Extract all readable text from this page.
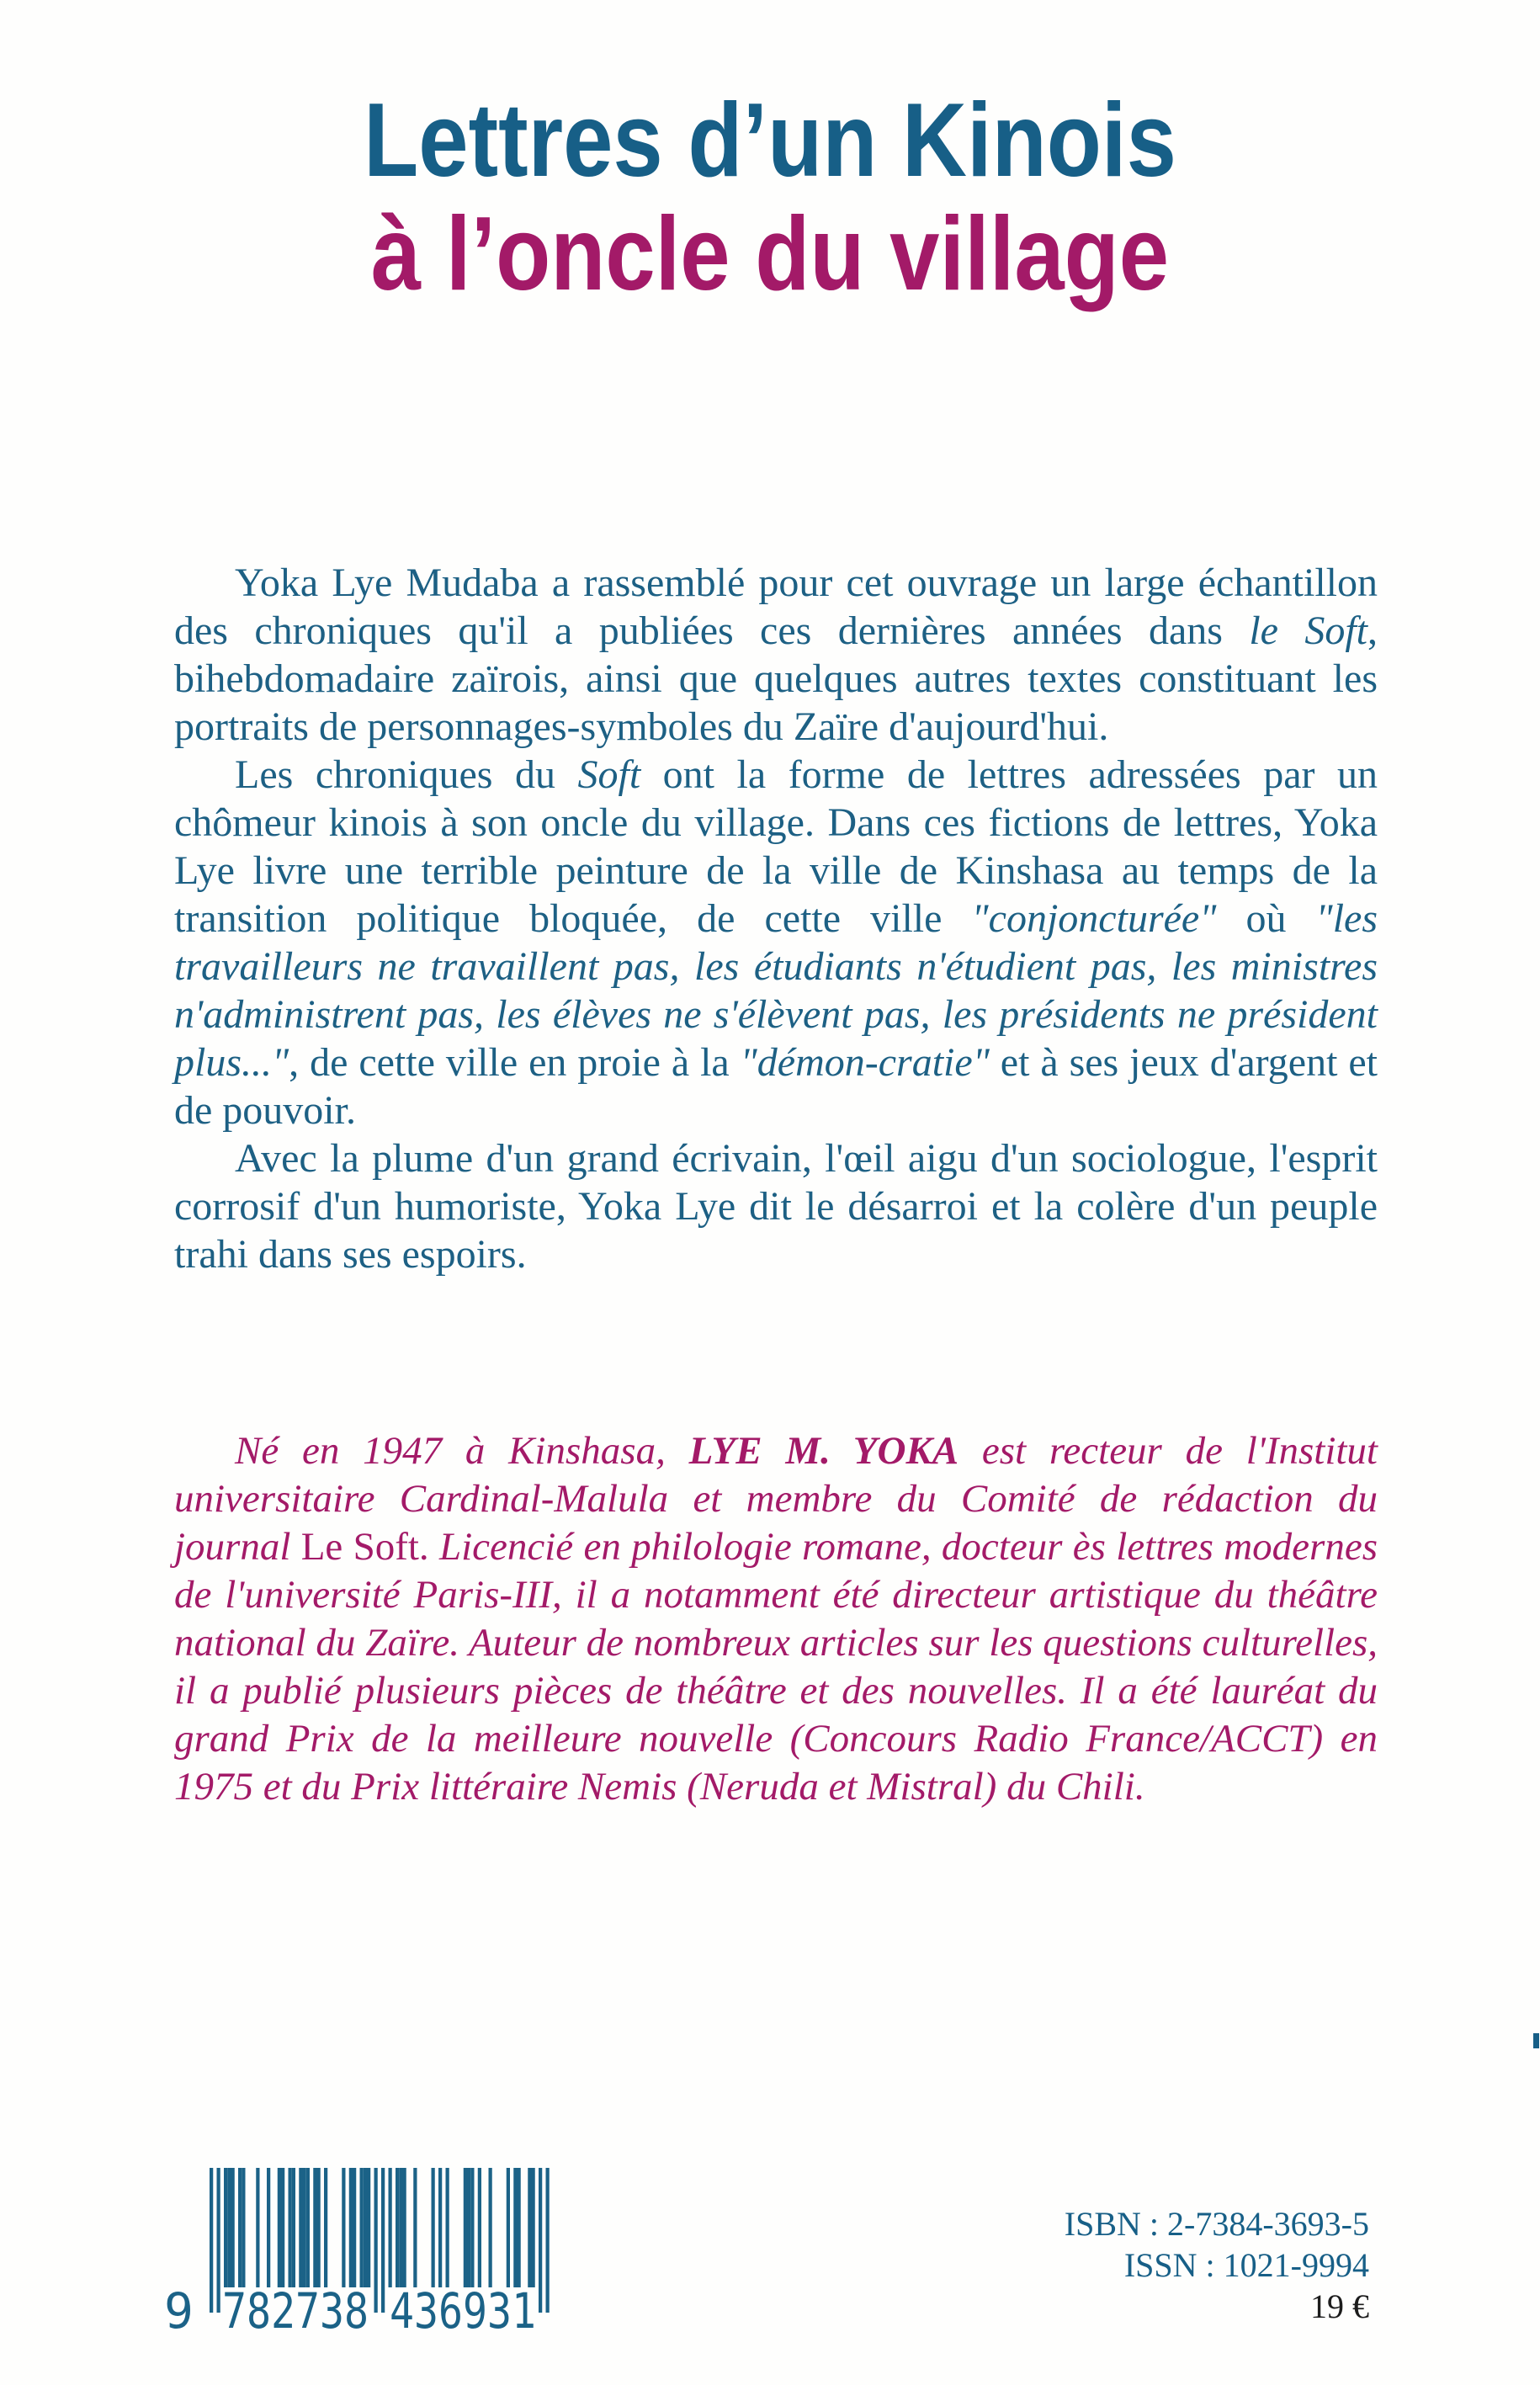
Lettres d’un Kinois
à l’oncle du village

Yoka Lye Mudaba a rassemblé pour cet ouvrage un large échantillon des chroniques qu'il a publiées ces dernières années dans le Soft, bihebdomadaire zaïrois, ainsi que quelques autres textes constituant les portraits de personnages-symboles du Zaïre d'aujourd'hui.

Les chroniques du Soft ont la forme de lettres adressées par un chômeur kinois à son oncle du village. Dans ces fictions de lettres, Yoka Lye livre une terrible peinture de la ville de Kinshasa au temps de la transition politique bloquée, de cette ville "conjoncturée" où "les travailleurs ne travaillent pas, les étudiants n'étudient pas, les ministres n'administrent pas, les élèves ne s'élèvent pas, les présidents ne président plus...", de cette ville en proie à la "démon-cratie" et à ses jeux d'argent et de pouvoir.

Avec la plume d'un grand écrivain, l'œil aigu d'un sociologue, l'esprit corrosif d'un humoriste, Yoka Lye dit le désarroi et la colère d'un peuple trahi dans ses espoirs.

Né en 1947 à Kinshasa, LYE M. YOKA est recteur de l'Institut universitaire Cardinal-Malula et membre du Comité de rédaction du journal Le Soft. Licencié en philologie romane, docteur ès lettres modernes de l'université Paris-III, il a notamment été directeur artistique du théâtre national du Zaïre. Auteur de nombreux articles sur les questions culturelles, il a publié plusieurs pièces de théâtre et des nouvelles. Il a été lauréat du grand Prix de la meilleure nouvelle (Concours Radio France/ACCT) en 1975 et du Prix littéraire Nemis (Neruda et Mistral) du Chili.

9 782738 436931
ISBN : 2-7384-3693-5
ISSN : 1021-9994
19 €
